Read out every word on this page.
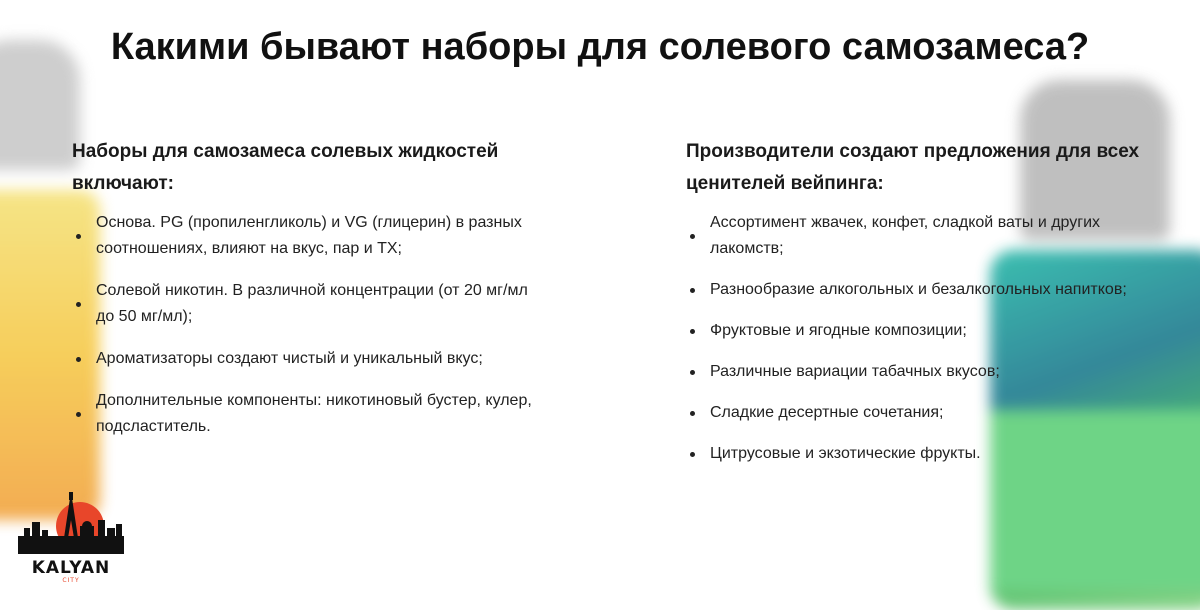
Какими бывают наборы для солевого самозамеса?
Наборы для самозамеса солевых жидкостей включают:
Основа. PG (пропиленгликоль) и VG (глицерин) в разных соотношениях, влияют на вкус, пар и ТХ;
Солевой никотин. В различной концентрации (от 20 мг/мл до 50 мг/мл);
Ароматизаторы создают чистый и уникальный вкус;
Дополнительные компоненты: никотиновый бустер, кулер, подсластитель.
Производители создают предложения для всех ценителей вейпинга:
Ассортимент жвачек, конфет, сладкой ваты и других лакомств;
Разнообразие алкогольных и безалкогольных напитков;
Фруктовые и ягодные композиции;
Различные вариации табачных вкусов;
Сладкие десертные сочетания;
Цитрусовые и экзотические фрукты.
KALYAN
CITY
